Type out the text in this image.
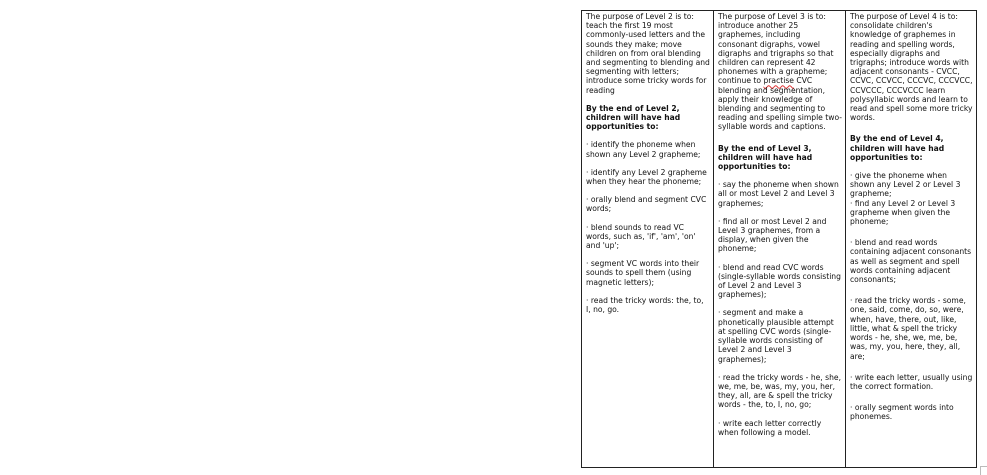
The purpose of Level 2 is to: teach the first 19 most commonly-used letters and the sounds they make; move children on from oral blending and segmenting to blending and segmenting with letters; introduce some tricky words for reading

By the end of Level 2, children will have had opportunities to:

· identify the phoneme when shown any Level 2 grapheme;

· identify any Level 2 grapheme when they hear the phoneme;

· orally blend and segment CVC words;

· blend sounds to read VC words, such as, 'if', 'am', 'on' and 'up';

· segment VC words into their sounds to spell them (using magnetic letters);

· read the tricky words: the, to, I, no, go.

The purpose of Level 3 is to: introduce another 25 graphemes, including consonant digraphs, vowel digraphs and trigraphs so that children can represent 42 phonemes with a grapheme; continue to practise CVC blending and segmentation, apply their knowledge of blending and segmenting to reading and spelling simple two-syllable words and captions.

By the end of Level 3, children will have had opportunities to:

· say the phoneme when shown all or most Level 2 and Level 3 graphemes;

· find all or most Level 2 and Level 3 graphemes, from a display, when given the phoneme;

· blend and read CVC words (single-syllable words consisting of Level 2 and Level 3 graphemes);

· segment and make a phonetically plausible attempt at spelling CVC words (single-syllable words consisting of Level 2 and Level 3 graphemes);

· read the tricky words - he, she, we, me, be, was, my, you, her, they, all, are & spell the tricky words - the, to, I, no, go;

· write each letter correctly when following a model.

The purpose of Level 4 is to: consolidate children's knowledge of graphemes in reading and spelling words, especially digraphs and trigraphs; introduce words with adjacent consonants - CVCC, CCVC, CCVCC, CCCVC, CCCVCC, CCVCCC, CCCVCCC learn polysyllabic words and learn to read and spell some more tricky words.

By the end of Level 4, children will have had opportunities to:

· give the phoneme when shown any Level 2 or Level 3 grapheme;
· find any Level 2 or Level 3 grapheme when given the phoneme;

· blend and read words containing adjacent consonants as well as segment and spell words containing adjacent consonants;

· read the tricky words - some, one, said, come, do, so, were, when, have, there, out, like, little, what & spell the tricky words - he, she, we, me, be, was, my, you, here, they, all, are;

· write each letter, usually using the correct formation.

· orally segment words into phonemes.
